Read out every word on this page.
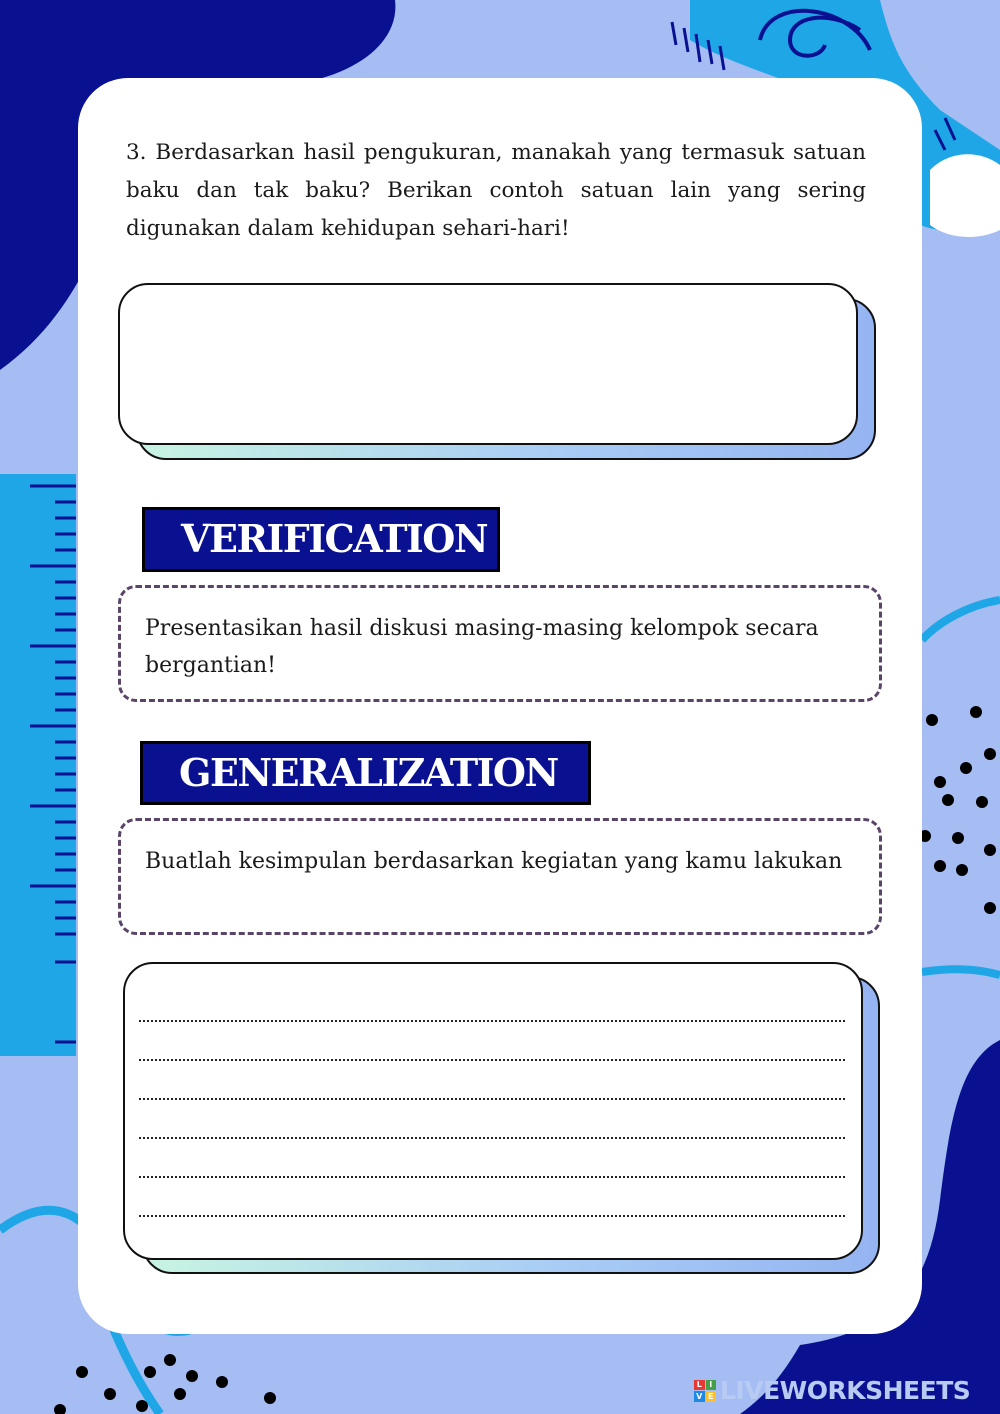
3. Berdasarkan hasil pengukuran, manakah yang termasuk satuan baku dan tak baku? Berikan contoh satuan lain yang sering digunakan dalam kehidupan sehari-hari!

VERIFICATION

Presentasikan hasil diskusi masing-masing kelompok secara bergantian!

GENERALIZATION

Buatlah kesimpulan berdasarkan kegiatan yang kamu lakukan

L I
V E LIVEWORKSHEETS
